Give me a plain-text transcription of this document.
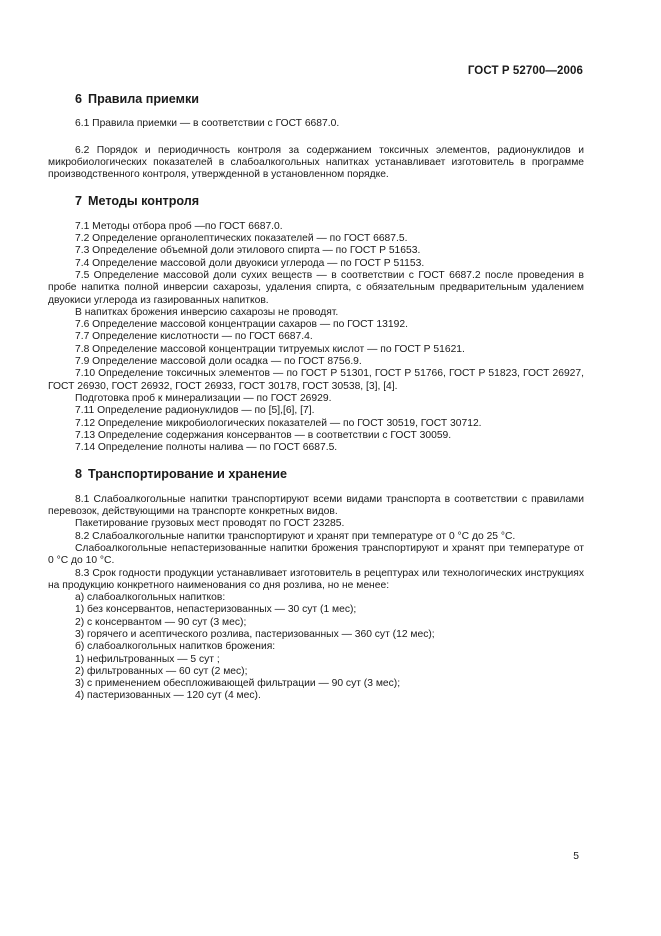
ГОСТ Р 52700—2006
6 Правила приемки

6.1 Правила приемки — в соответствии с ГОСТ 6687.0.

6.2 Порядок и периодичность контроля за содержанием токсичных элементов, радионуклидов и микробиологических показателей в слабоалкогольных напитках устанавливает изготовитель в программе производственного контроля, утвержденной в установленном порядке.

7 Методы контроля

7.1 Методы отбора проб —по ГОСТ 6687.0.

7.2 Определение органолептических показателей — по ГОСТ 6687.5.

7.3 Определение объемной доли этилового спирта — по ГОСТ Р 51653.

7.4 Определение массовой доли двуокиси углерода — по ГОСТ Р 51153.

7.5 Определение массовой доли сухих веществ — в соответствии с ГОСТ 6687.2 после проведения в пробе напитка полной инверсии сахарозы, удаления спирта, с обязательным предварительным удалением двуокиси углерода из газированных напитков.

В напитках брожения инверсию сахарозы не проводят.

7.6 Определение массовой концентрации сахаров — по ГОСТ 13192.

7.7 Определение кислотности — по ГОСТ 6687.4.

7.8 Определение массовой концентрации титруемых кислот — по ГОСТ Р 51621.

7.9 Определение массовой доли осадка — по ГОСТ 8756.9.

7.10 Определение токсичных элементов — по ГОСТ Р 51301, ГОСТ Р 51766, ГОСТ Р 51823, ГОСТ 26927, ГОСТ 26930, ГОСТ 26932, ГОСТ 26933, ГОСТ 30178, ГОСТ 30538, [3], [4].

Подготовка проб к минерализации — по ГОСТ 26929.

7.11 Определение радионуклидов — по [5],[6], [7].

7.12 Определение микробиологических показателей — по ГОСТ 30519, ГОСТ 30712.

7.13 Определение содержания консервантов — в соответствии с ГОСТ 30059.

7.14 Определение полноты налива — по ГОСТ 6687.5.

8 Транспортирование и хранение

8.1 Слабоалкогольные напитки транспортируют всеми видами транспорта в соответствии с правилами перевозок, действующими на транспорте конкретных видов.

Пакетирование грузовых мест проводят по ГОСТ 23285.

8.2 Слабоалкогольные напитки транспортируют и хранят при температуре от 0 °С до 25 °С.

Слабоалкогольные непастеризованные напитки брожения транспортируют и хранят при температуре от 0 °С до 10 °С.

8.3 Срок годности продукции устанавливает изготовитель в рецептурах или технологических инструкциях на продукцию конкретного наименования со дня розлива, но не менее:

а) слабоалкогольных напитков:

1) без консервантов, непастеризованных — 30 сут (1 мес);

2) с консервантом — 90 сут (3 мес);

3) горячего и асептического розлива, пастеризованных — 360 сут (12 мес);

б) слабоалкогольных напитков брожения:

1) нефильтрованных — 5 сут ;

2) фильтрованных — 60 сут (2 мес);

3) с применением обеспложивающей фильтрации — 90 сут (3 мес);

4) пастеризованных — 120 сут (4 мес).

5
